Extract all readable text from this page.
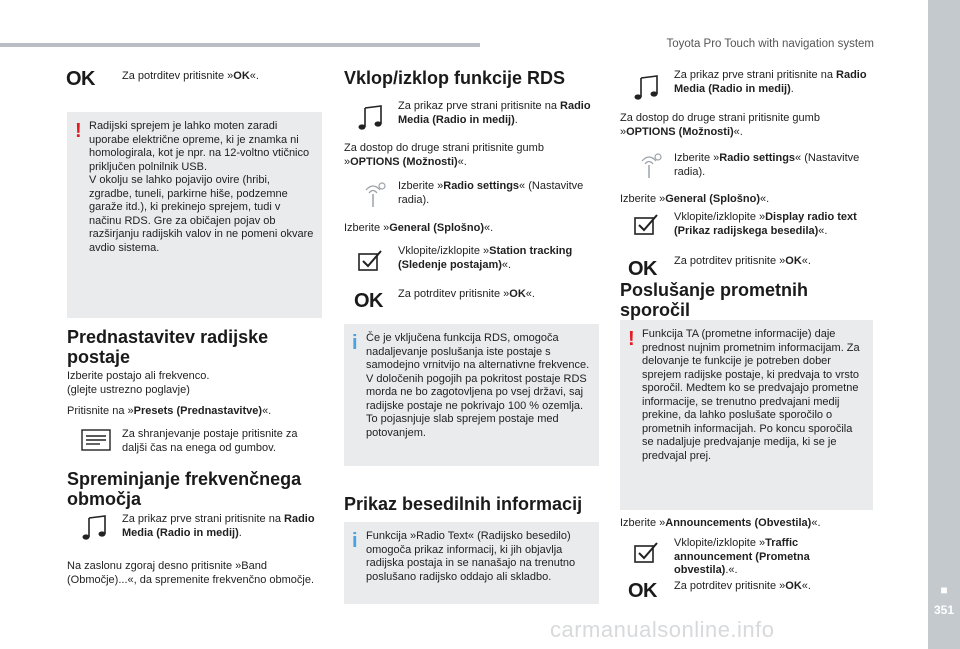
Toyota Pro Touch with navigation system
■
351
carmanualsonline.info
OK	Za potrditev pritisnite »OK«.
! Radijski sprejem je lahko moten zaradi uporabe električne opreme, ki je znamka ni homologirala, kot je npr. na 12-voltno vtičnico priključen polnilnik USB.
V okolju se lahko pojavijo ovire (hribi, zgradbe, tuneli, parkirne hiše, podzemne garaže itd.), ki prekinejo sprejem, tudi v načinu RDS. Gre za običajen pojav ob razširjanju radijskih valov in ne pomeni okvare avdio sistema.
Prednastavitev radijske postaje
Izberite postajo ali frekvenco.
(glejte ustrezno poglavje)
Pritisnite na »Presets (Prednastavitve)«.
Za shranjevanje postaje pritisnite za daljši čas na enega od gumbov.
Spreminjanje frekvenčnega območja
Za prikaz prve strani pritisnite na Radio Media (Radio in medij).
Na zaslonu zgoraj desno pritisnite »Band (Območje)...«, da spremenite frekvenčno območje.
Vklop/izklop funkcije RDS
Za prikaz prve strani pritisnite na Radio Media (Radio in medij).
Za dostop do druge strani pritisnite gumb »OPTIONS (Možnosti)«.
Izberite »Radio settings« (Nastavitve radia).
Izberite »General (Splošno)«.
Vklopite/izklopite »Station tracking (Sledenje postajam)«.
OK	Za potrditev pritisnite »OK«.
i Če je vključena funkcija RDS, omogoča nadaljevanje poslušanja iste postaje s samodejno vrnitvijo na alternativne frekvence. V določenih pogojih pa pokritost postaje RDS morda ne bo zagotovljena po vsej državi, saj radijske postaje ne pokrivajo 100 % ozemlja. To pojasnjuje slab sprejem postaje med potovanjem.
Prikaz besedilnih informacij
i Funkcija »Radio Text« (Radijsko besedilo) omogoča prikaz informacij, ki jih objavlja radijska postaja in se nanašajo na trenutno poslušano radijsko oddajo ali skladbo.
Za prikaz prve strani pritisnite na Radio Media (Radio in medij).
Za dostop do druge strani pritisnite gumb »OPTIONS (Možnosti)«.
Izberite »Radio settings« (Nastavitve radia).
Izberite »General (Splošno)«.
Vklopite/izklopite »Display radio text (Prikaz radijskega besedila)«.
OK	Za potrditev pritisnite »OK«.
Poslušanje prometnih sporočil
! Funkcija TA (prometne informacije) daje prednost nujnim prometnim informacijam. Za delovanje te funkcije je potreben dober sprejem radijske postaje, ki predvaja to vrsto sporočil. Medtem ko se predvajajo prometne informacije, se trenutno predvajani medij prekine, da lahko poslušate sporočilo o prometnih informacijah. Po koncu sporočila se nadaljuje predvajanje medija, ki se je predvajal prej.
Izberite »Announcements (Obvestila)«.
Vklopite/izklopite »Traffic announcement (Prometna obvestila).«.
OK	Za potrditev pritisnite »OK«.
